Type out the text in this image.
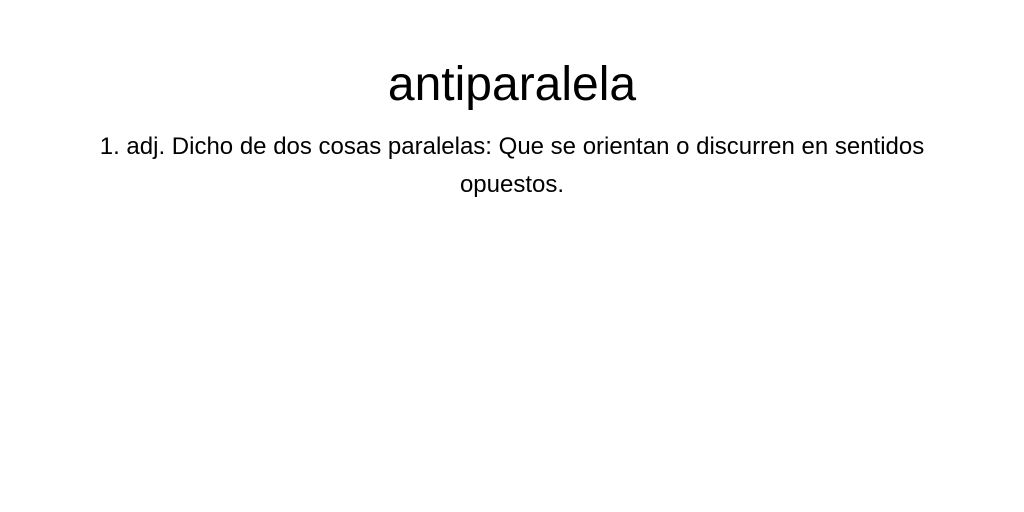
antiparalela

1. adj. Dicho de dos cosas paralelas: Que se orientan o discurren en sentidos opuestos.
